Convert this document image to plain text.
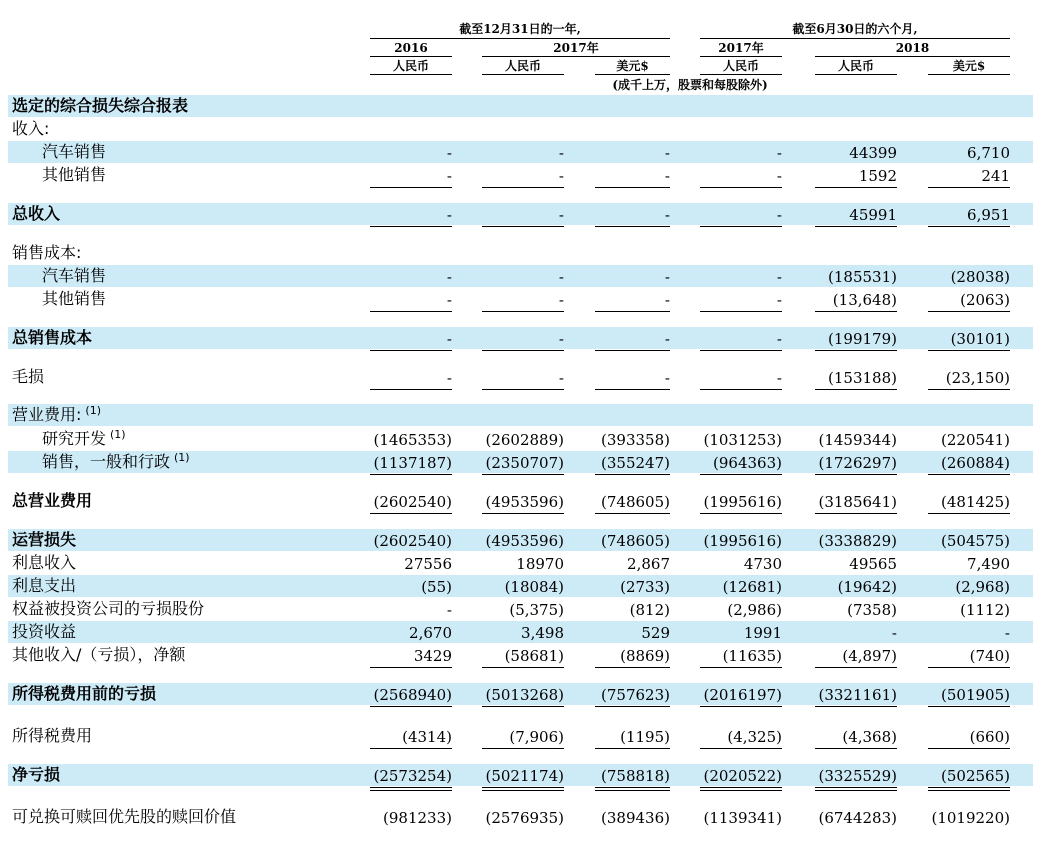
截至12月31日的一年,	截至6月30日的六个月,
2016	2017年	2017年	2018
人民币	人民币	美元$	人民币	人民币	美元$
(成千上万，股票和每股除外)
选定的综合损失综合报表
收入:
汽车销售	-	-	-	-	44399	6,710
其他销售	-	-	-	-	1592	241
总收入	-	-	-	-	45991	6,951
销售成本:
汽车销售	-	-	-	-	(185531)	(28038)
其他销售	-	-	-	-	(13,648)	(2063)
总销售成本	-	-	-	-	(199179)	(30101)
毛损	-	-	-	-	(153188)	(23,150)
营业费用: $^{(1)}$
研究开发 $^{(1)}$	(1465353)	(2602889)	(393358)	(1031253)	(1459344)	(220541)
销售，一般和行政 $^{(1)}$	(1137187)	(2350707)	(355247)	(964363)	(1726297)	(260884)
总营业费用	(2602540)	(4953596)	(748605)	(1995616)	(3185641)	(481425)
运营损失	(2602540)	(4953596)	(748605)	(1995616)	(3338829)	(504575)
利息收入	27556	18970	2,867	4730	49565	7,490
利息支出	(55)	(18084)	(2733)	(12681)	(19642)	(2,968)
权益被投资公司的亏损股份	-	(5,375)	(812)	(2,986)	(7358)	(1112)
投资收益	2,670	3,498	529	1991	-	-
其他收入/（亏损），净额	3429	(58681)	(8869)	(11635)	(4,897)	(740)
所得税费用前的亏损	(2568940)	(5013268)	(757623)	(2016197)	(3321161)	(501905)
所得税费用	(4314)	(7,906)	(1195)	(4,325)	(4,368)	(660)
净亏损	(2573254)	(5021174)	(758818)	(2020522)	(3325529)	(502565)
可兑换可赎回优先股的赎回价值	(981233)	(2576935)	(389436)	(1139341)	(6744283)	(1019220)
